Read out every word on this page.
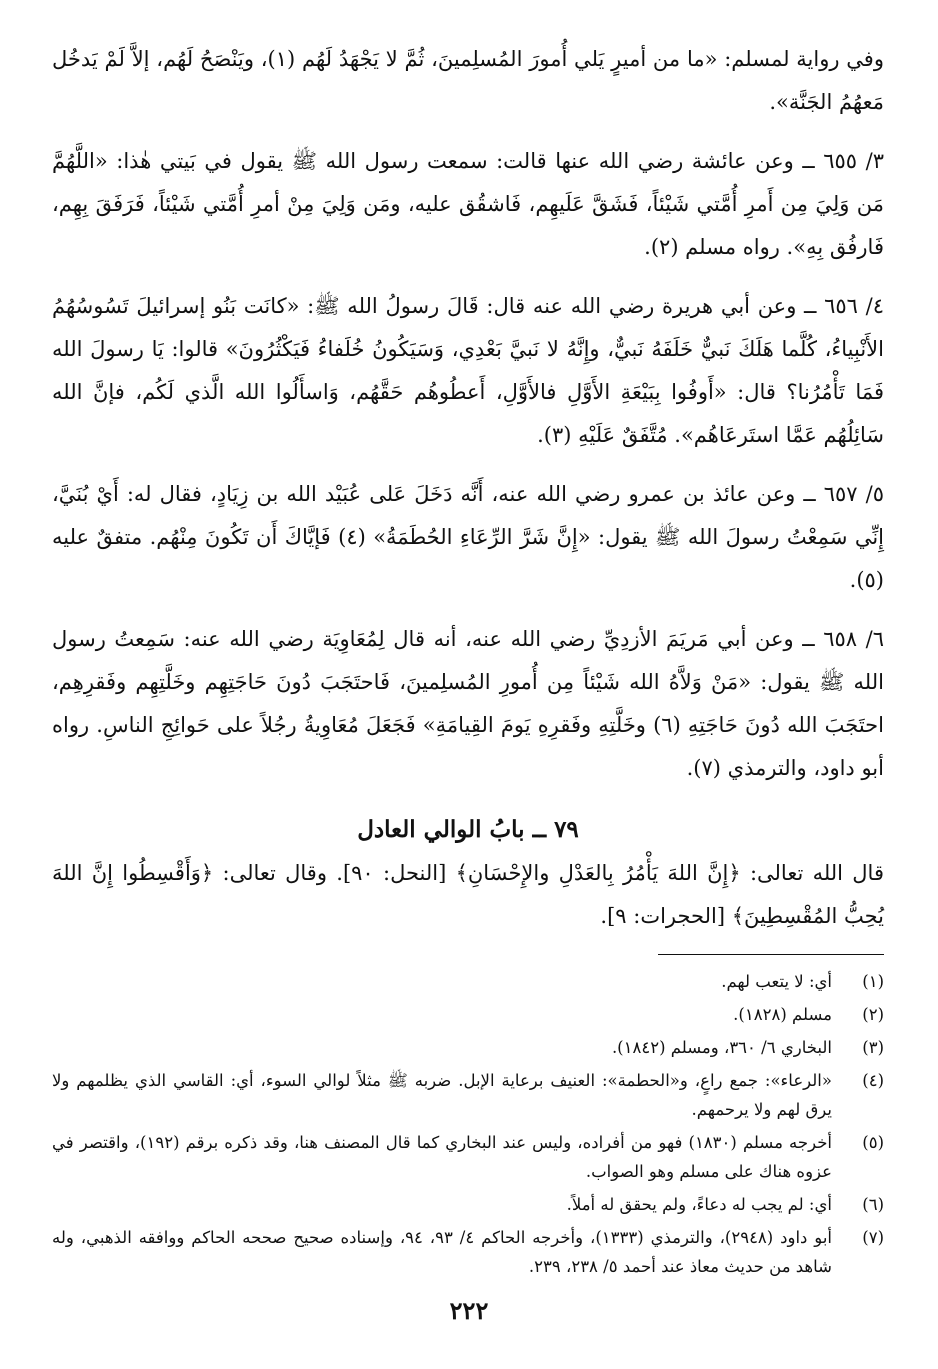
وفي رواية لمسلم: «ما من أميرٍ يَلي أُمورَ المُسلِمينَ، ثُمَّ لا يَجْهَدُ لَهُم (١)، ويَنْصَحُ لَهُم، إلاَّ لَمْ يَدخُل مَعهُمُ الجَنَّة».

٣/ ٦٥٥ ــ وعن عائشة رضي الله عنها قالت: سمعت رسول الله ﷺ يقول في بَيتي هٰذا: «اللَّهُمَّ مَن وَلِيَ مِن أَمرِ أُمَّتي شَيْئاً، فَشَقَّ عَلَيهِم، فَاشقُق عليه، ومَن وَلِيَ مِنْ أمرِ أُمَّتي شَيْئاً، فَرَفَقَ بِهِم، فَارفُق بِهِ». رواه مسلم (٢).

٤/ ٦٥٦ ــ وعن أبي هريرة رضي الله عنه قال: قَالَ رسولُ الله ﷺ: «كانَت بَنُو إسرائيلَ تَسُوسُهُمُ الأَنْبِياءُ، كُلَّما هَلَكَ نَبيٌّ خَلَفَهُ نَبيٌّ، وإِنَّهُ لا نَبيَّ بَعْدِي، وَسَيَكُونُ خُلَفاءُ فَيَكْثُرُونَ» قالوا: يَا رسولَ الله فَمَا تَأْمُرُنا؟ قال: «أَوفُوا بِبَيْعَةِ الأَوَّلِ فالأَوَّلِ، أَعطُوهُم حَقَّهُم، وَاسأَلُوا الله الَّذي لَكُم، فإنَّ الله سَائِلُهُم عَمَّا استَرعَاهُم». مُتَّفَقٌ عَلَيْهِ (٣).

٥/ ٦٥٧ ــ وعن عائذ بن عمرو رضي الله عنه، أَنَّه دَخَلَ عَلى عُبَيْد الله بن زِيَادٍ، فقال له: أَيْ بُنَيَّ، إِنِّي سَمِعْتُ رسولَ الله ﷺ يقول: «إِنَّ شَرَّ الرِّعَاءِ الحُطَمَةُ» (٤) فَإيَّاكَ أَن تَكُونَ مِنْهُم. متفقٌ عليه (٥).

٦/ ٦٥٨ ــ وعن أبي مَريَمَ الأزدِيِّ رضي الله عنه، أنه قال لِمُعَاوِيَة رضي الله عنه: سَمِعتُ رسول الله ﷺ يقول: «مَنْ وَلاَّهُ الله شَيْئاً مِن أُمورِ المُسلِمينَ، فَاحتَجَبَ دُونَ حَاجَتِهِم وخَلَّتِهِم وفَقرِهِم، احتَجَبَ الله دُونَ حَاجَتِهِ (٦) وخَلَّتِهِ وفَقرِهِ يَومَ القِيامَةِ» فَجَعَلَ مُعَاوِيةُ رجُلاً على حَوائِجِ الناسِ. رواه أبو داود، والترمذي (٧).

٧٩ ــ بابُ الوالي العادل

قال الله تعالى: ﴿إِنَّ اللهَ يَأْمُرُ بِالعَدْلِ والإِحْسَانِ﴾ [النحل: ٩٠]. وقال تعالى: ﴿وَأَقْسِطُوا إِنَّ اللهَ يُحِبُّ المُقْسِطِينَ﴾ [الحجرات: ٩].

(١)
أي: لا يتعب لهم.
(٢)
مسلم (١٨٢٨).
(٣)
البخاري ٦/ ٣٦٠، ومسلم (١٨٤٢).
(٤)
«الرعاء»: جمع راعٍ، و«الحطمة»: العنيف برعاية الإبل. ضربه ﷺ مثلاً لوالي السوء، أي: القاسي الذي يظلمهم ولا يرق لهم ولا يرحمهم.
(٥)
أخرجه مسلم (١٨٣٠) فهو من أفراده، وليس عند البخاري كما قال المصنف هنا، وقد ذكره برقم (١٩٢)، واقتصر في عزوه هناك على مسلم وهو الصواب.
(٦)
أي: لم يجب له دعاءً، ولم يحقق له أملاً.
(٧)
أبو داود (٢٩٤٨)، والترمذي (١٣٣٣)، وأخرجه الحاكم ٤/ ٩٣، ٩٤، وإسناده صحيح صححه الحاكم ووافقه الذهبي، وله شاهد من حديث معاذ عند أحمد ٥/ ٢٣٨، ٢٣٩.
٢٢٢
